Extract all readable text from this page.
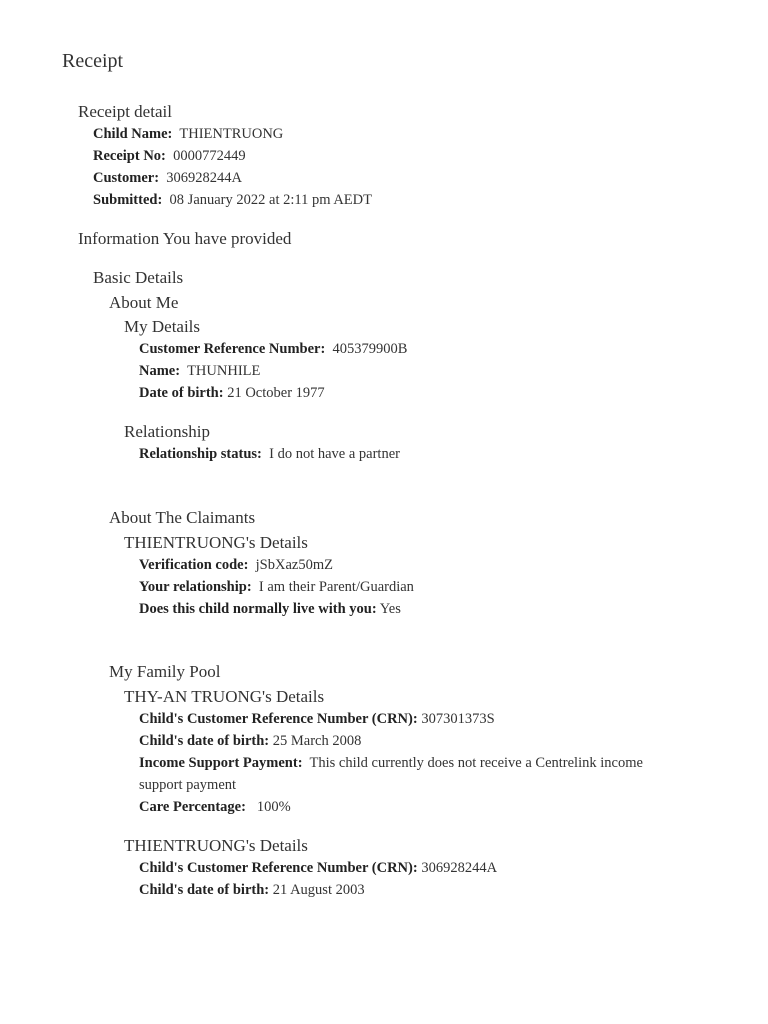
Receipt
Receipt detail
Child Name: THIENTRUONG
Receipt No: 0000772449
Customer: 306928244A
Submitted: 08 January 2022 at 2:11 pm AEDT
Information You have provided
Basic Details
About Me
My Details
Customer Reference Number: 405379900B
Name: THUNHILE
Date of birth: 21 October 1977
Relationship
Relationship status: I do not have a partner
About The Claimants
THIENTRUONG's Details
Verification code: jSbXaz50mZ
Your relationship: I am their Parent/Guardian
Does this child normally live with you: Yes
My Family Pool
THY-AN TRUONG's Details
Child's Customer Reference Number (CRN): 307301373S
Child's date of birth: 25 March 2008
Income Support Payment: This child currently does not receive a Centrelink income support payment
Care Percentage: 100%
THIENTRUONG's Details
Child's Customer Reference Number (CRN): 306928244A
Child's date of birth: 21 August 2003
